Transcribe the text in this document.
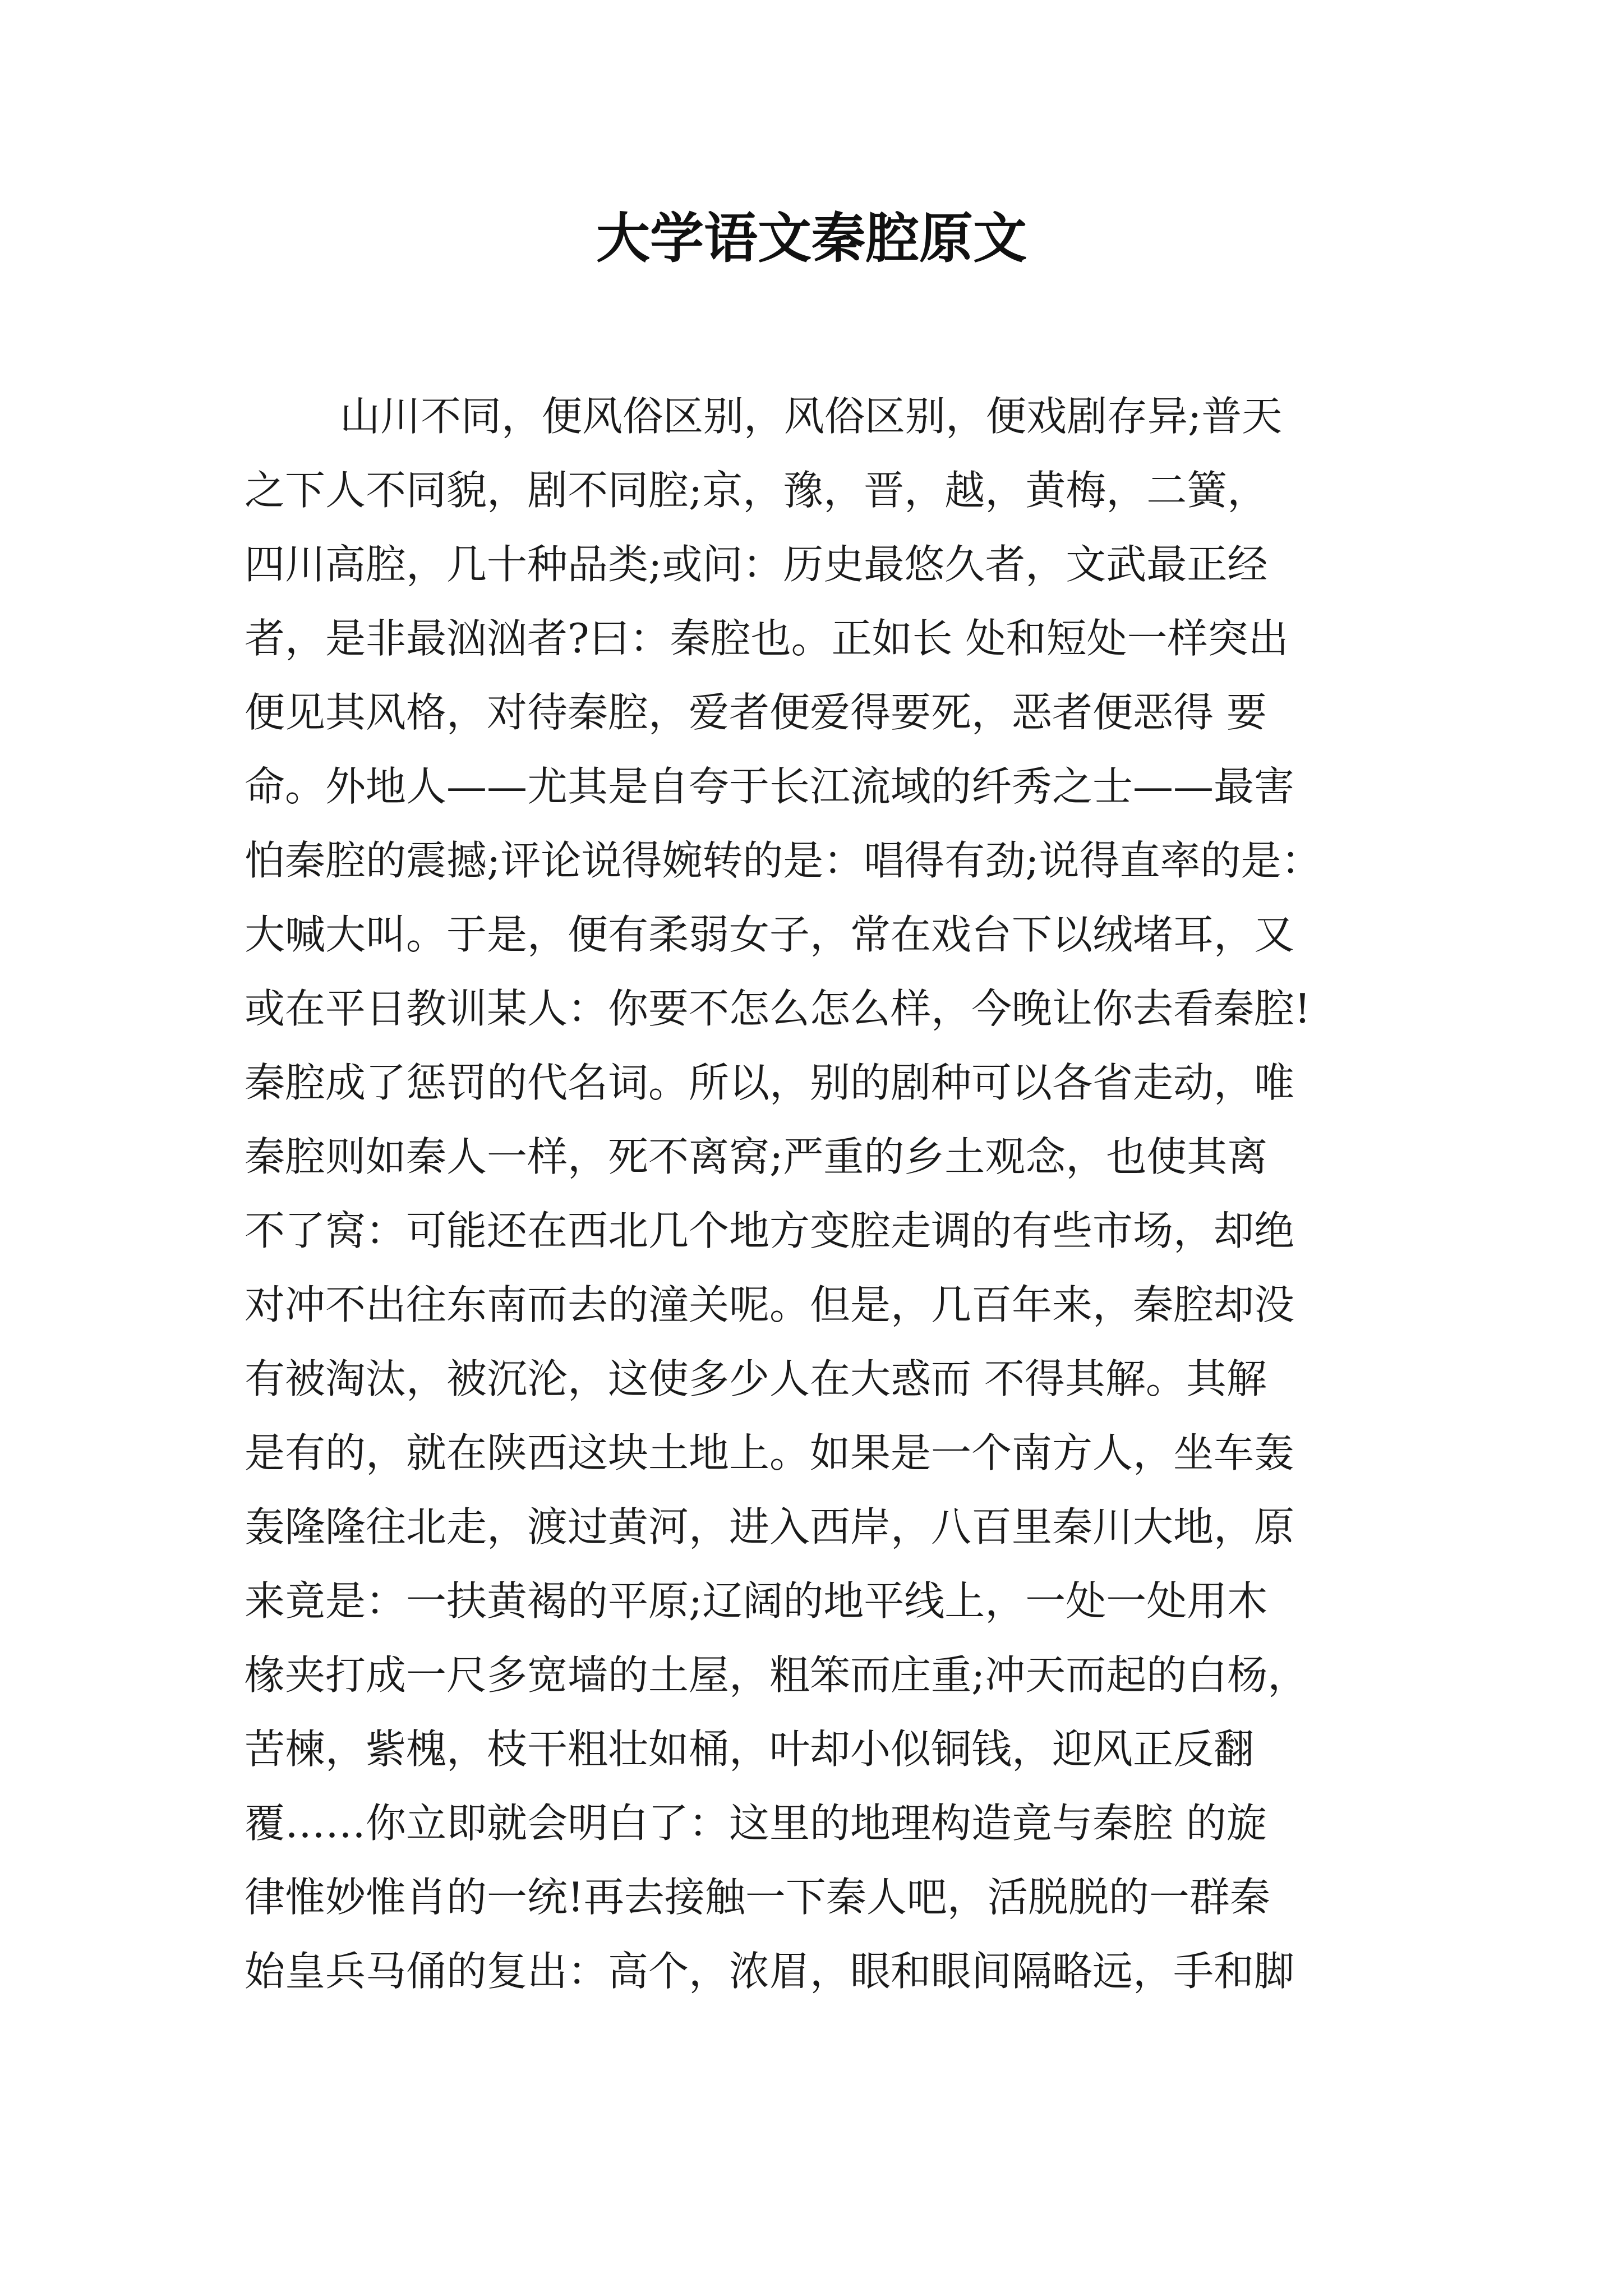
大学语文秦腔原文
山川不同，便风俗区别，风俗区别，便戏剧存异;普天
之下人不同貌，剧不同腔;京，豫，晋，越，黄梅，二簧，
四川高腔，几十种品类;或问：历史最悠久者，文武最正经
者，是非最汹汹者?曰：秦腔也。正如长 处和短处一样突出
便见其风格，对待秦腔，爱者便爱得要死，恶者便恶得 要
命。外地人——尤其是自夸于长江流域的纤秀之士——最害
怕秦腔的震撼;评论说得婉转的是：唱得有劲;说得直率的是：
大喊大叫。于是，便有柔弱女子，常在戏台下以绒堵耳，又
或在平日教训某人：你要不怎么怎么样，今晚让你去看秦腔!
秦腔成了惩罚的代名词。所以，别的剧种可以各省走动，唯
秦腔则如秦人一样，死不离窝;严重的乡土观念，也使其离
不了窝：可能还在西北几个地方变腔走调的有些市场，却绝
对冲不出往东南而去的潼关呢。但是，几百年来，秦腔却没
有被淘汰，被沉沦，这使多少人在大惑而 不得其解。其解
是有的，就在陕西这块土地上。如果是一个南方人，坐车轰
轰隆隆往北走，渡过黄河，进入西岸，八百里秦川大地，原
来竟是：一扶黄褐的平原;辽阔的地平线上，一处一处用木
椽夹打成一尺多宽墙的土屋，粗笨而庄重;冲天而起的白杨，
苦楝，紫槐，枝干粗壮如桶，叶却小似铜钱，迎风正反翻
覆……你立即就会明白了：这里的地理构造竟与秦腔 的旋
律惟妙惟肖的一统!再去接触一下秦人吧，活脱脱的一群秦
始皇兵马俑的复出：高个，浓眉，眼和眼间隔略远，手和脚
